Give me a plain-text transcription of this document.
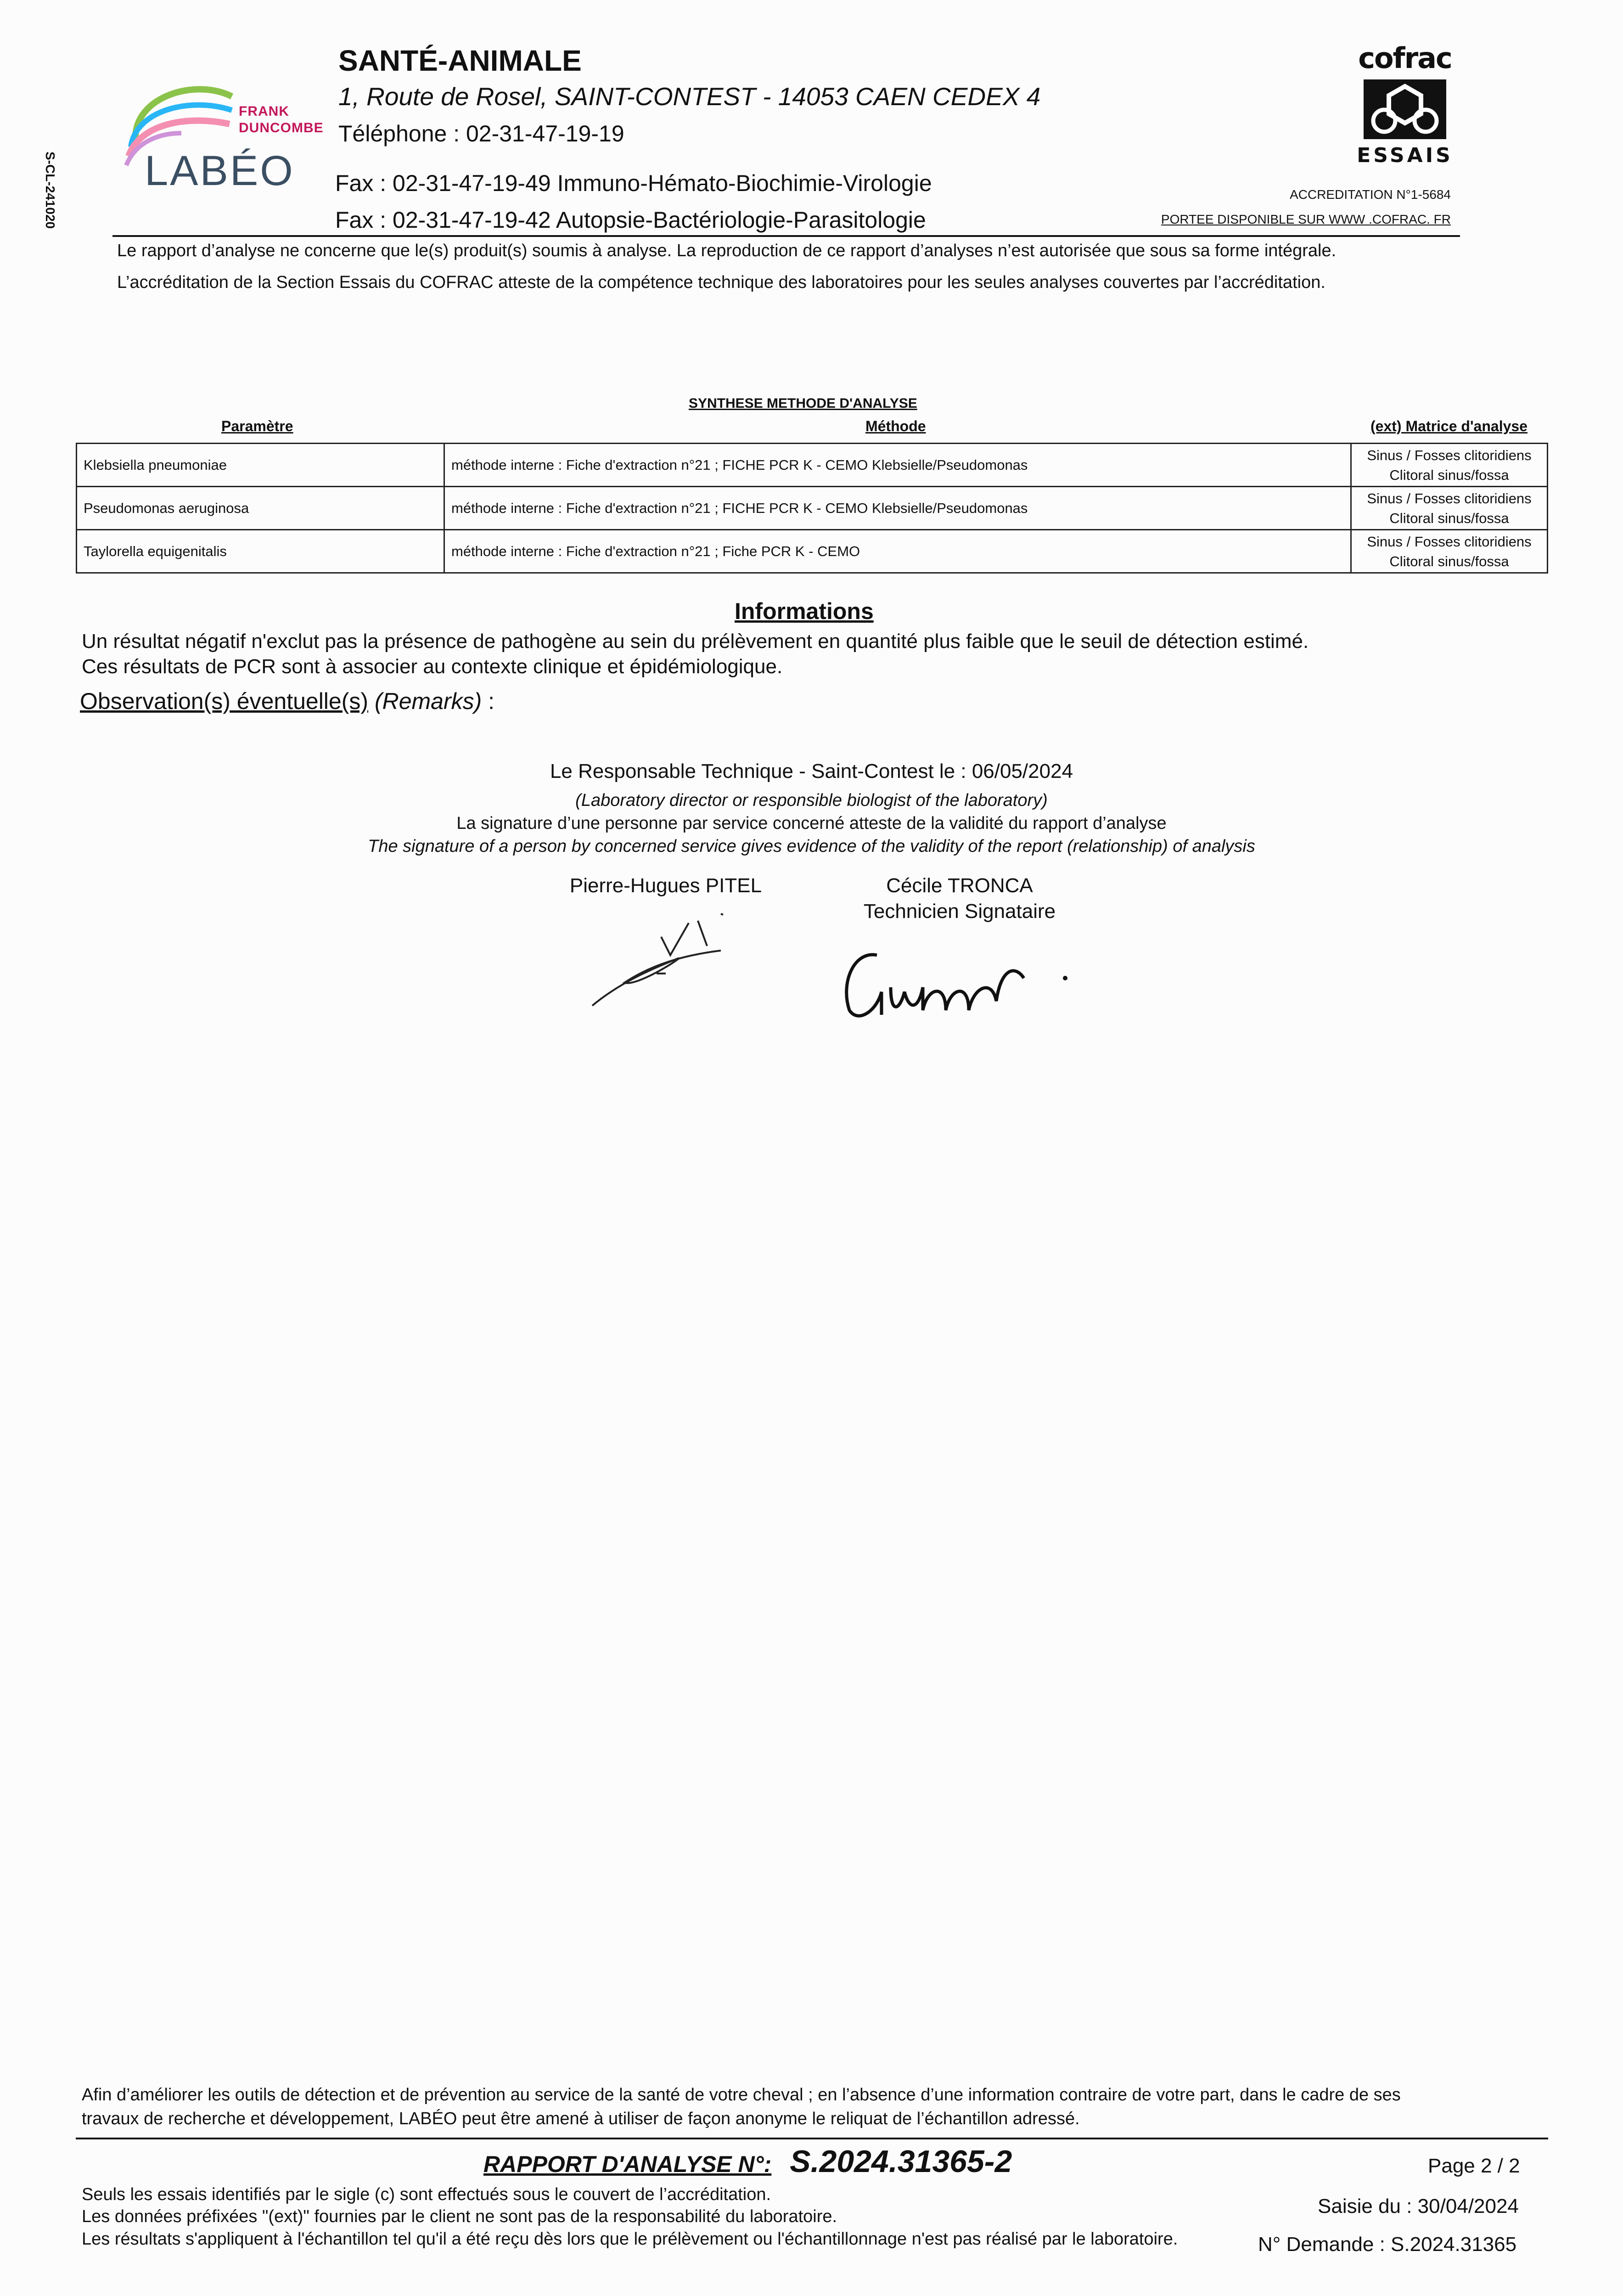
S-CL-241020
FRANK
DUNCOMBE
LABÉO
SANTÉ-ANIMALE
1, Route de Rosel, SAINT-CONTEST - 14053 CAEN CEDEX 4
Téléphone : 02-31-47-19-19
Fax : 02-31-47-19-49 Immuno-Hémato-Biochimie-Virologie
Fax : 02-31-47-19-42 Autopsie-Bactériologie-Parasitologie
cofrac
ESSAIS
ACCREDITATION N°1-5684
PORTEE DISPONIBLE SUR WWW .COFRAC. FR
Le rapport d’analyse ne concerne que le(s) produit(s) soumis à analyse. La reproduction de ce rapport d’analyses n’est autorisée que sous sa forme intégrale.
L’accréditation de la Section Essais du COFRAC atteste de la compétence technique des laboratoires pour les seules analyses couvertes par l’accréditation.
SYNTHESE METHODE D'ANALYSE
Paramètre	Méthode	(ext) Matrice d'analyse
Klebsiella pneumoniae	méthode interne : Fiche d'extraction n°21 ; FICHE PCR K - CEMO Klebsielle/Pseudomonas	Sinus / Fosses clitoridiens
Clitoral sinus/fossa

Pseudomonas aeruginosa	méthode interne : Fiche d'extraction n°21 ; FICHE PCR K - CEMO Klebsielle/Pseudomonas	Sinus / Fosses clitoridiens
Clitoral sinus/fossa

Taylorella equigenitalis	méthode interne : Fiche d'extraction n°21 ; Fiche PCR K - CEMO	Sinus / Fosses clitoridiens
Clitoral sinus/fossa
Informations
Un résultat négatif n'exclut pas la présence de pathogène au sein du prélèvement en quantité plus faible que le seuil de détection estimé.
Ces résultats de PCR sont à associer au contexte clinique et épidémiologique.
Observation(s) éventuelle(s) (Remarks) :
Le Responsable Technique - Saint-Contest le : 06/05/2024
(Laboratory director or responsible biologist of the laboratory)
La signature d’une personne par service concerné atteste de la validité du rapport d’analyse
The signature of a person by concerned service gives evidence of the validity of the report (relationship) of analysis
Pierre-Hugues PITEL	Cécile TRONCA
Technicien Signataire
Afin d’améliorer les outils de détection et de prévention au service de la santé de votre cheval ; en l’absence d’une information contraire de votre part, dans le cadre de ses
travaux de recherche et développement, LABÉO peut être amené à utiliser de façon anonyme le reliquat de l’échantillon adressé.
RAPPORT D'ANALYSE N°: S.2024.31365-2	Page 2 / 2
Saisie du : 30/04/2024
N° Demande : S.2024.31365
Seuls les essais identifiés par le sigle (c) sont effectués sous le couvert de l’accréditation.
Les données préfixées "(ext)" fournies par le client ne sont pas de la responsabilité du laboratoire.
Les résultats s'appliquent à l'échantillon tel qu'il a été reçu dès lors que le prélèvement ou l'échantillonnage n'est pas réalisé par le laboratoire.
